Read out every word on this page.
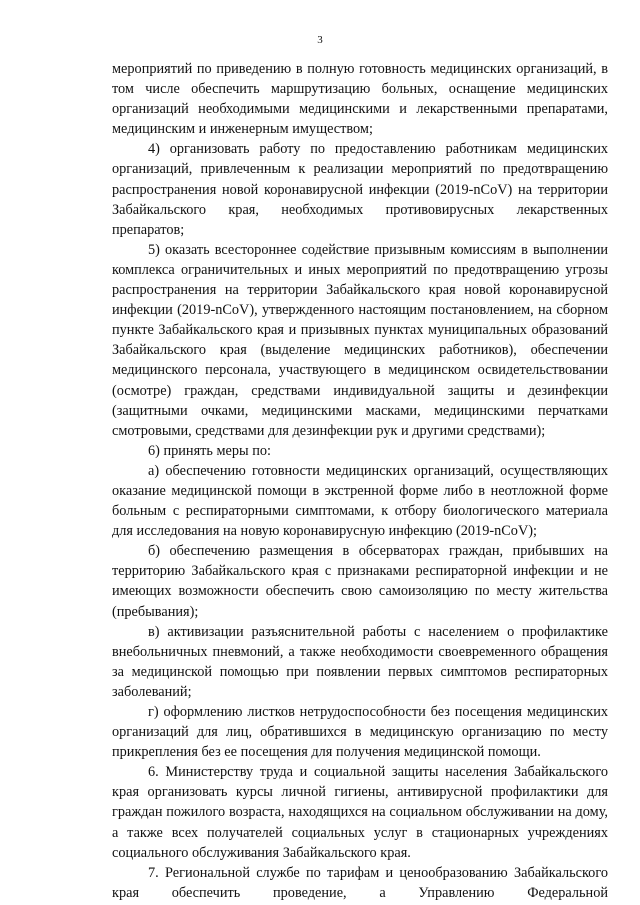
3

мероприятий по приведению в полную готовность медицинских организаций, в том числе обеспечить маршрутизацию больных, оснащение медицинских организаций необходимыми медицинскими и лекарственными препаратами, медицинским и инженерным имуществом;

4) организовать работу по предоставлению работникам медицинских организаций, привлеченным к реализации мероприятий по предотвращению распространения новой коронавирусной инфекции (2019-nCoV) на территории Забайкальского края, необходимых противовирусных лекарственных препаратов;

5) оказать всестороннее содействие призывным комиссиям в выполнении комплекса ограничительных и иных мероприятий по предотвращению угрозы распространения на территории Забайкальского края новой коронавирусной инфекции (2019-nCoV), утвержденного настоящим постановлением, на сборном пункте Забайкальского края и призывных пунктах муниципальных образований Забайкальского края (выделение медицинских работников), обеспечении медицинского персонала, участвующего в медицинском освидетельствовании (осмотре) граждан, средствами индивидуальной защиты и дезинфекции (защитными очками, медицинскими масками, медицинскими перчатками смотровыми, средствами для дезинфекции рук и другими средствами);

6) принять меры по:

а) обеспечению готовности медицинских организаций, осуществляющих оказание медицинской помощи в экстренной форме либо в неотложной форме больным с респираторными симптомами, к отбору биологического материала для исследования на новую коронавирусную инфекцию (2019-nCoV);

б) обеспечению размещения в обсерваторах граждан, прибывших на территорию Забайкальского края с признаками респираторной инфекции и не имеющих возможности обеспечить свою самоизоляцию по месту жительства (пребывания);

в) активизации разъяснительной работы с населением о профилактике внебольничных пневмоний, а также необходимости своевременного обращения за медицинской помощью при появлении первых симптомов респираторных заболеваний;

г) оформлению листков нетрудоспособности без посещения медицинских организаций для лиц, обратившихся в медицинскую организацию по месту прикрепления без ее посещения для получения медицинской помощи.

6. Министерству труда и социальной защиты населения Забайкальского края организовать курсы личной гигиены, антивирусной профилактики для граждан пожилого возраста, находящихся на социальном обслуживании на дому, а также всех получателей социальных услуг в стационарных учреждениях социального обслуживания Забайкальского края.

7. Региональной службе по тарифам и ценообразованию Забайкальского края обеспечить проведение, а Управлению Федеральной
